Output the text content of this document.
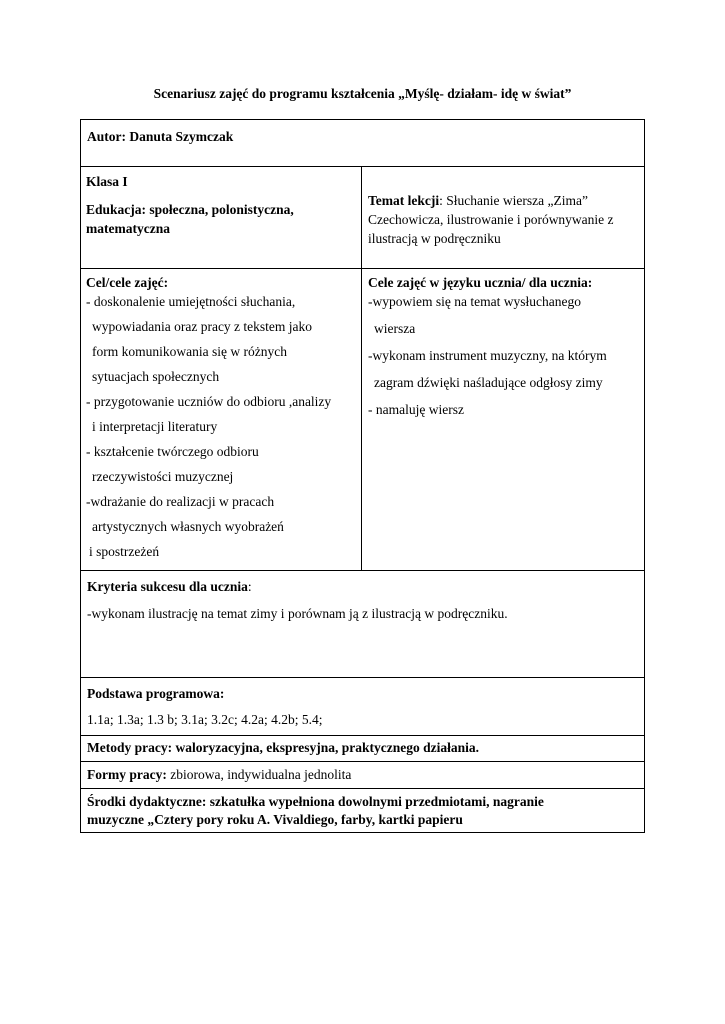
Scenariusz zajęć do programu kształcenia „Myślę- działam- idę w świat”
Autor: Danuta Szymczak
Klasa I
Edukacja: społeczna, polonistyczna,
matematyczna
Temat lekcji: Słuchanie wiersza „Zima”
Czechowicza, ilustrowanie i porównywanie z
ilustracją w podręczniku
Cel/cele zajęć:
- doskonalenie umiejętności słuchania,
wypowiadania oraz pracy z tekstem jako
form komunikowania się w różnych
sytuacjach społecznych
- przygotowanie uczniów do odbioru ,analizy
i interpretacji literatury
- kształcenie twórczego odbioru
rzeczywistości muzycznej
-wdrażanie do realizacji w pracach
artystycznych własnych wyobrażeń
i spostrzeżeń
Cele zajęć w języku ucznia/ dla ucznia:
-wypowiem się na temat wysłuchanego
wiersza
-wykonam instrument muzyczny, na którym
zagram dźwięki naśladujące odgłosy zimy
- namaluję wiersz
Kryteria sukcesu dla ucznia:
-wykonam ilustrację na temat zimy i porównam ją z ilustracją w podręczniku.
Podstawa programowa:
1.1a; 1.3a; 1.3 b; 3.1a; 3.2c; 4.2a; 4.2b; 5.4;
Metody pracy: waloryzacyjna, ekspresyjna, praktycznego działania.
Formy pracy: zbiorowa, indywidualna jednolita
Środki dydaktyczne: szkatułka wypełniona dowolnymi przedmiotami, nagranie
muzyczne „Cztery pory roku A. Vivaldiego, farby, kartki papieru
